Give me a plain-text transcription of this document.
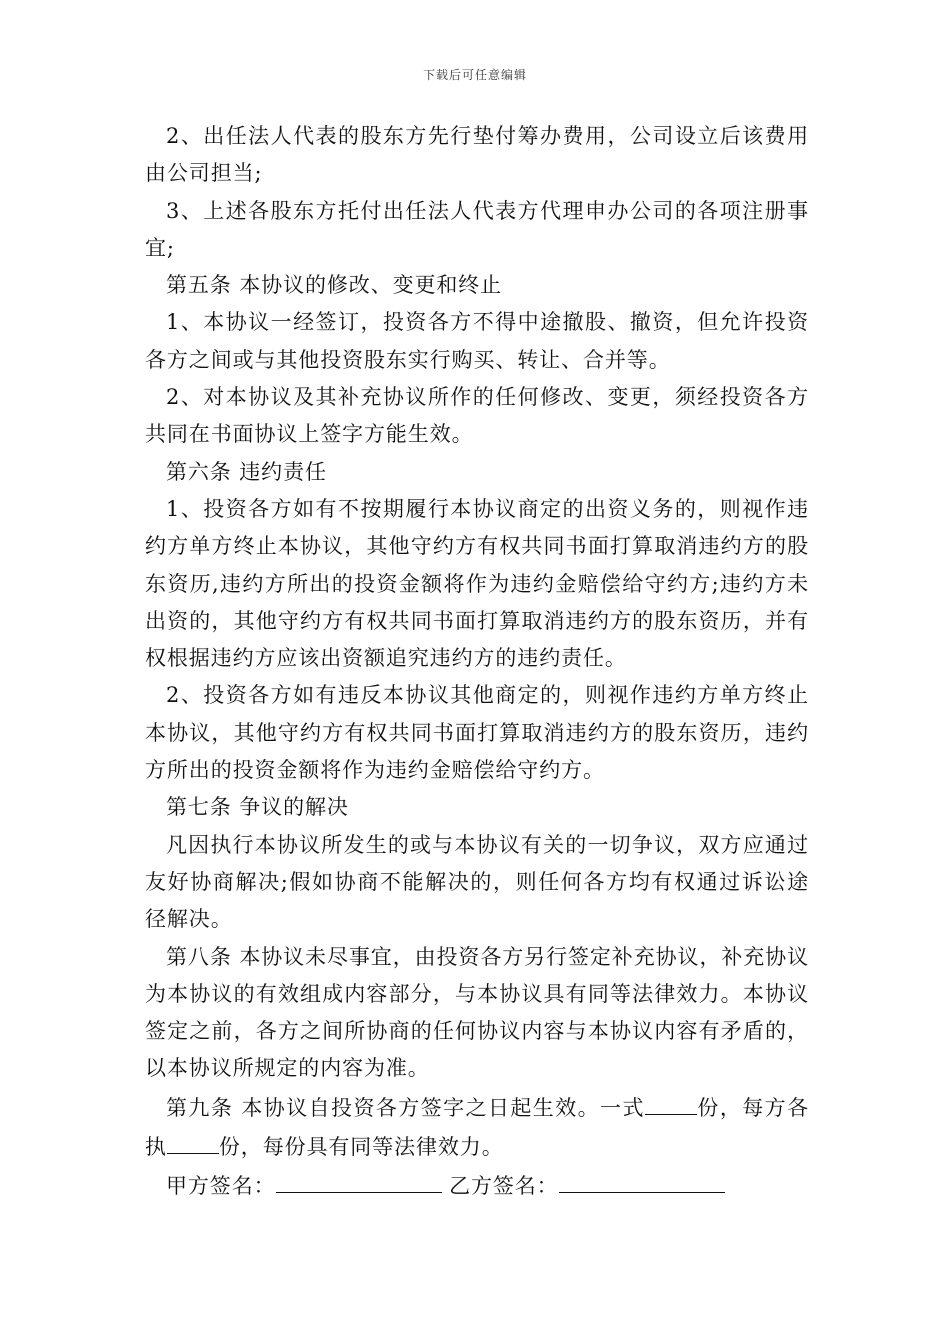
下载后可任意编辑

2、出任法人代表的股东方先行垫付筹办费用，公司设立后该费用由公司担当;

3、上述各股东方托付出任法人代表方代理申办公司的各项注册事宜;

第五条 本协议的修改、变更和终止

1、本协议一经签订，投资各方不得中途撤股、撤资，但允许投资各方之间或与其他投资股东实行购买、转让、合并等。

2、对本协议及其补充协议所作的任何修改、变更，须经投资各方共同在书面协议上签字方能生效。

第六条 违约责任

1、投资各方如有不按期履行本协议商定的出资义务的，则视作违约方单方终止本协议，其他守约方有权共同书面打算取消违约方的股东资历,违约方所出的投资金额将作为违约金赔偿给守约方;违约方未出资的，其他守约方有权共同书面打算取消违约方的股东资历，并有权根据违约方应该出资额追究违约方的违约责任。

2、投资各方如有违反本协议其他商定的，则视作违约方单方终止本协议，其他守约方有权共同书面打算取消违约方的股东资历，违约方所出的投资金额将作为违约金赔偿给守约方。

第七条 争议的解决

凡因执行本协议所发生的或与本协议有关的一切争议，双方应通过友好协商解决;假如协商不能解决的，则任何各方均有权通过诉讼途径解决。

第八条 本协议未尽事宜，由投资各方另行签定补充协议，补充协议为本协议的有效组成内容部分，与本协议具有同等法律效力。本协议签定之前，各方之间所协商的任何协议内容与本协议内容有矛盾的，以本协议所规定的内容为准。

第九条 本协议自投资各方签字之日起生效。一式 份，每方各执 份，每份具有同等法律效力。

甲方签名：	乙方签名：
